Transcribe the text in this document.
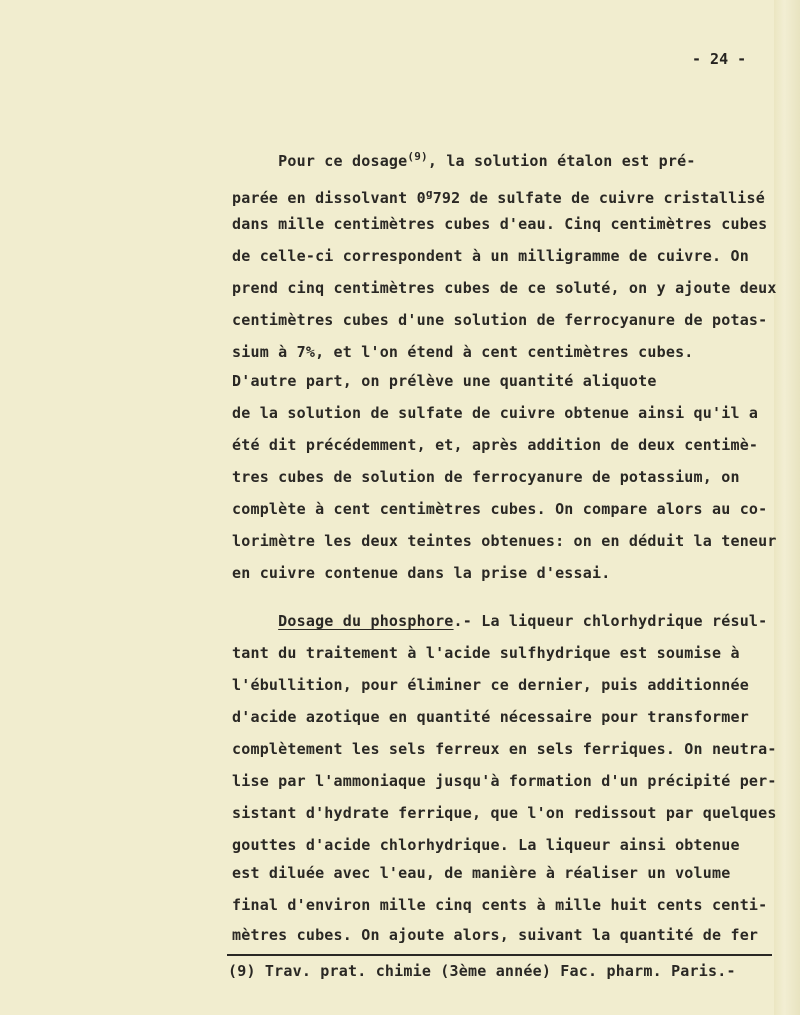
- 24 -
Pour ce dosage$^{(9)}$, la solution étalon est pré-
parée en dissolvant 0$^g$792 de sulfate de cuivre cristallisé
dans mille centimètres cubes d'eau. Cinq centimètres cubes
de celle-ci correspondent à un milligramme de cuivre. On
prend cinq centimètres cubes de ce soluté, on y ajoute deux
centimètres cubes d'une solution de ferrocyanure de potas-
sium à 7%, et l'on étend à cent centimètres cubes.
D'autre part, on prélève une quantité aliquote
de la solution de sulfate de cuivre obtenue ainsi qu'il a
été dit précédemment, et, après addition de deux centimè-
tres cubes de solution de ferrocyanure de potassium, on
complète à cent centimètres cubes. On compare alors au co-
lorimètre les deux teintes obtenues: on en déduit la teneur
en cuivre contenue dans la prise d'essai.
Dosage du phosphore.- La liqueur chlorhydrique résul-
tant du traitement à l'acide sulfhydrique est soumise à
l'ébullition, pour éliminer ce dernier, puis additionnée
d'acide azotique en quantité nécessaire pour transformer
complètement les sels ferreux en sels ferriques. On neutra-
lise par l'ammoniaque jusqu'à formation d'un précipité per-
sistant d'hydrate ferrique, que l'on redissout par quelques
gouttes d'acide chlorhydrique. La liqueur ainsi obtenue
est diluée avec l'eau, de manière à réaliser un volume
final d'environ mille cinq cents à mille huit cents centi-
mètres cubes. On ajoute alors, suivant la quantité de fer
(9) Trav. prat. chimie (3ème année) Fac. pharm. Paris.-
